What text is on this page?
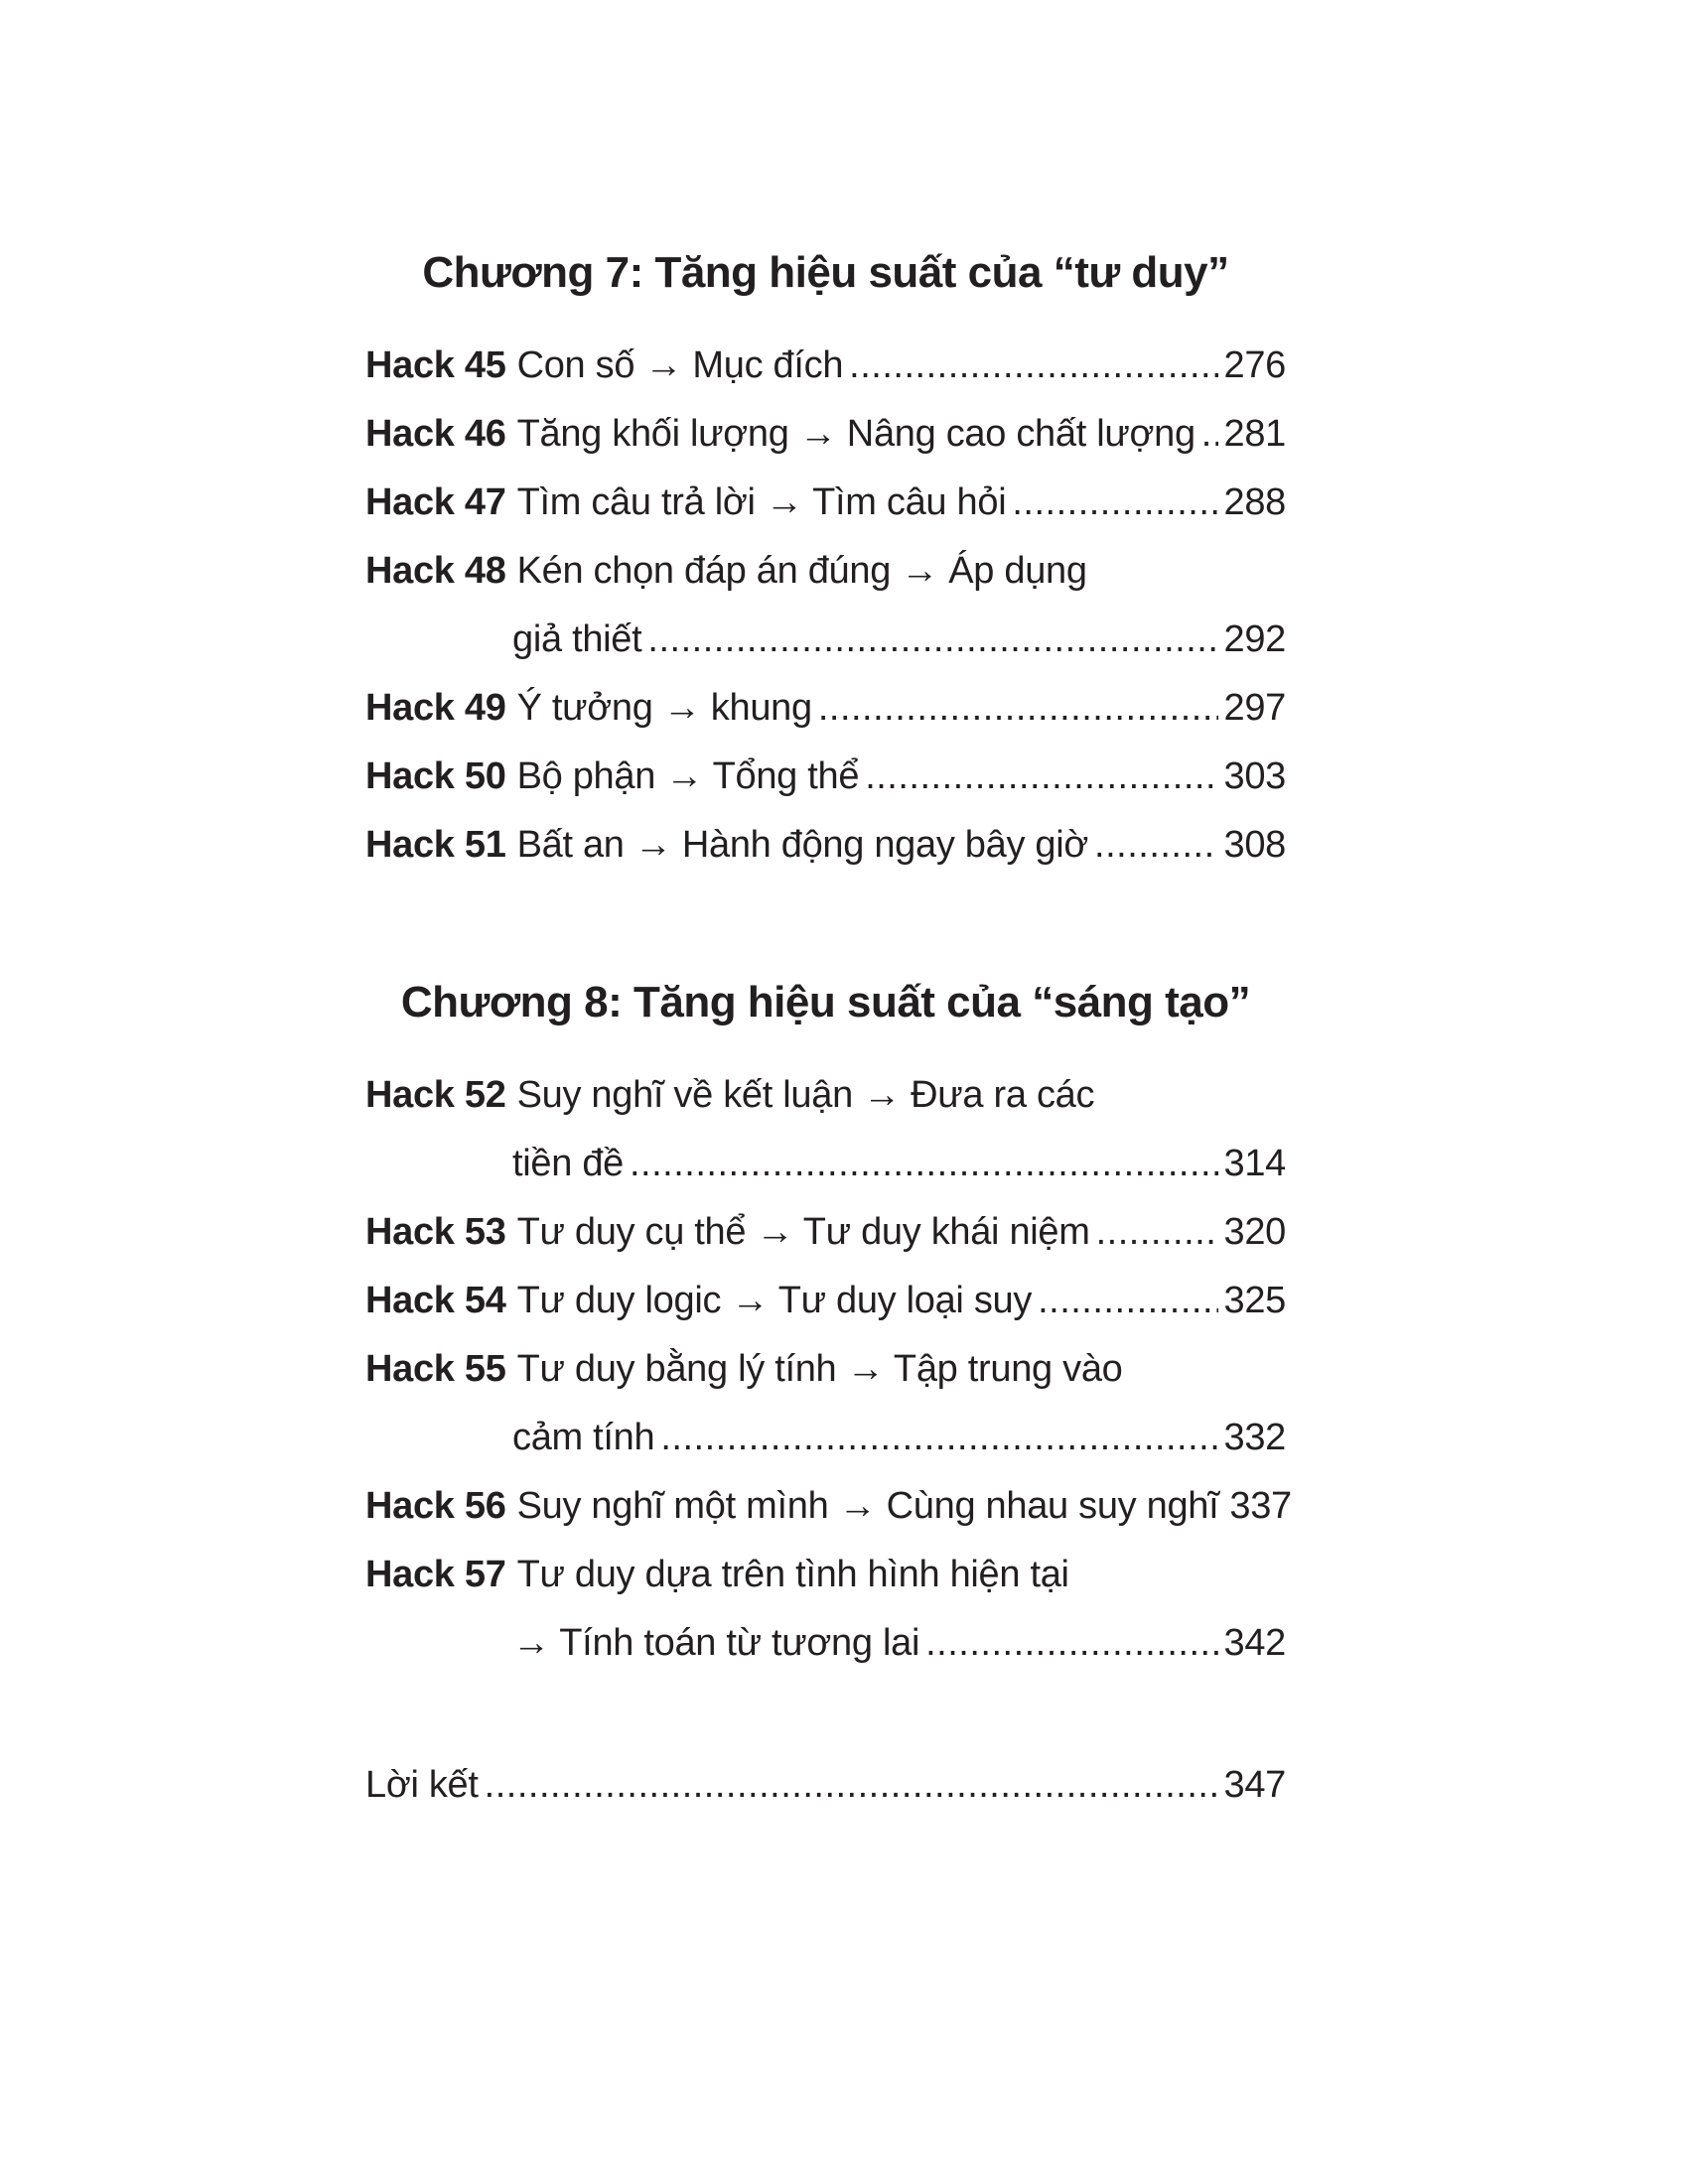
Chương 7: Tăng hiệu suất của “tư duy”
Hack 45 Con số → Mục đích .....	276
Hack 46 Tăng khối lượng → Nâng cao chất lượng ..... 281
Hack 47 Tìm câu trả lời → Tìm câu hỏi .....	288
Hack 48 Kén chọn đáp án đúng → Áp dụng
giả thiết .....	292
Hack 49 Ý tưởng → khung .....	297
Hack 50 Bộ phận → Tổng thể .....	303
Hack 51 Bất an → Hành động ngay bây giờ .....	308
Chương 8: Tăng hiệu suất của “sáng tạo”
Hack 52 Suy nghĩ về kết luận → Đưa ra các
tiền đề .....	314
Hack 53 Tư duy cụ thể → Tư duy khái niệm .....	320
Hack 54 Tư duy logic → Tư duy loại suy .....	325
Hack 55 Tư duy bằng lý tính → Tập trung vào
cảm tính .....	332
Hack 56 Suy nghĩ một mình → Cùng nhau suy nghĩ 337
Hack 57 Tư duy dựa trên tình hình hiện tại
→ Tính toán từ tương lai .....	342
Lời kết .....	347
